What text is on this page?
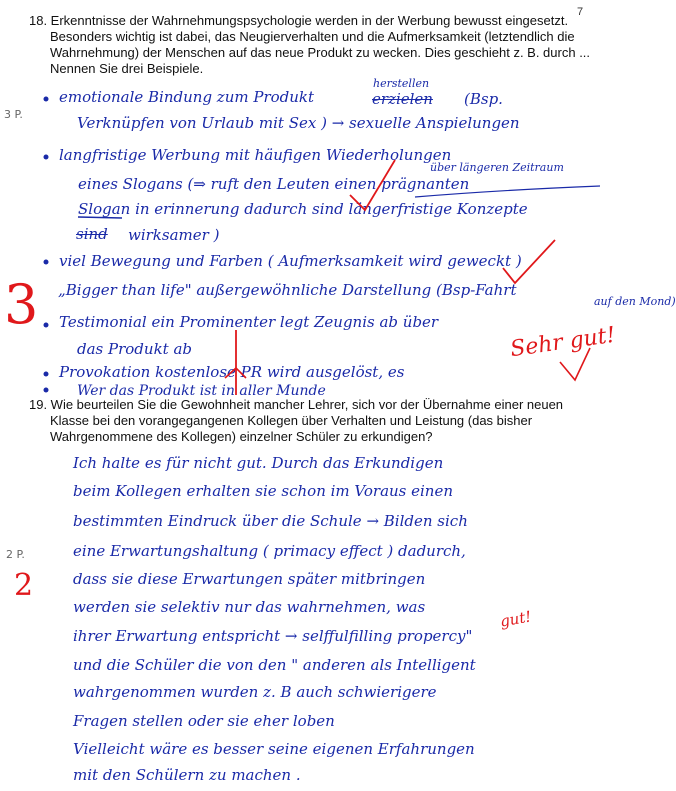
7
18. Erkenntnisse der Wahrnehmungspsychologie werden in der Werbung bewusst eingesetzt.
Besonders wichtig ist dabei, das Neugierverhalten und die Aufmerksamkeit (letztendlich die
Wahrnehmung) der Menschen auf das neue Produkt zu wecken. Dies geschieht z. B. durch ...
Nennen Sie drei Beispiele.
3 P.
3
herstellen
emotionale Bindung zum Produkt	erzielen (Bsp.
Verknüpfen von Urlaub mit Sex ) → sexuelle Anspielungen
langfristige Werbung mit häufigen Wiederholungen
über längeren Zeitraum
eines Slogans (⇒ ruft den Leuten einen prägnanten
Slogan in erinnerung dadurch sind längerfristige Konzepte
sind wirksamer )
viel Bewegung und Farben ( Aufmerksamkeit wird geweckt )
„Bigger than life" außergewöhnliche Darstellung (Bsp-Fahrt
auf den Mond)
Testimonial ein Prominenter legt Zeugnis ab über
das Produkt ab	Sehr gut!
Provokation kostenlose PR wird ausgelöst, es
Wer das Produkt ist in aller Munde
19. Wie beurteilen Sie die Gewohnheit mancher Lehrer, sich vor der Übernahme einer neuen
Klasse bei den vorangegangenen Kollegen über Verhalten und Leistung (das bisher
Wahrgenommene des Kollegen) einzelner Schüler zu erkundigen?
2 P.
2
Ich halte es für nicht gut. Durch das Erkundigen
beim Kollegen erhalten sie schon im Voraus einen
bestimmten Eindruck über die Schule → Bilden sich
eine Erwartungshaltung ( primacy effect ) dadurch,
dass sie diese Erwartungen später mitbringen
werden sie selektiv nur das wahrnehmen, was
ihrer Erwartung entspricht → selffulfilling propercy"
gut!
und die Schüler die von den " anderen als Intelligent
wahrgenommen wurden z. B auch schwierigere
Fragen stellen oder sie eher loben
Vielleicht wäre es besser seine eigenen Erfahrungen
mit den Schülern zu machen .
